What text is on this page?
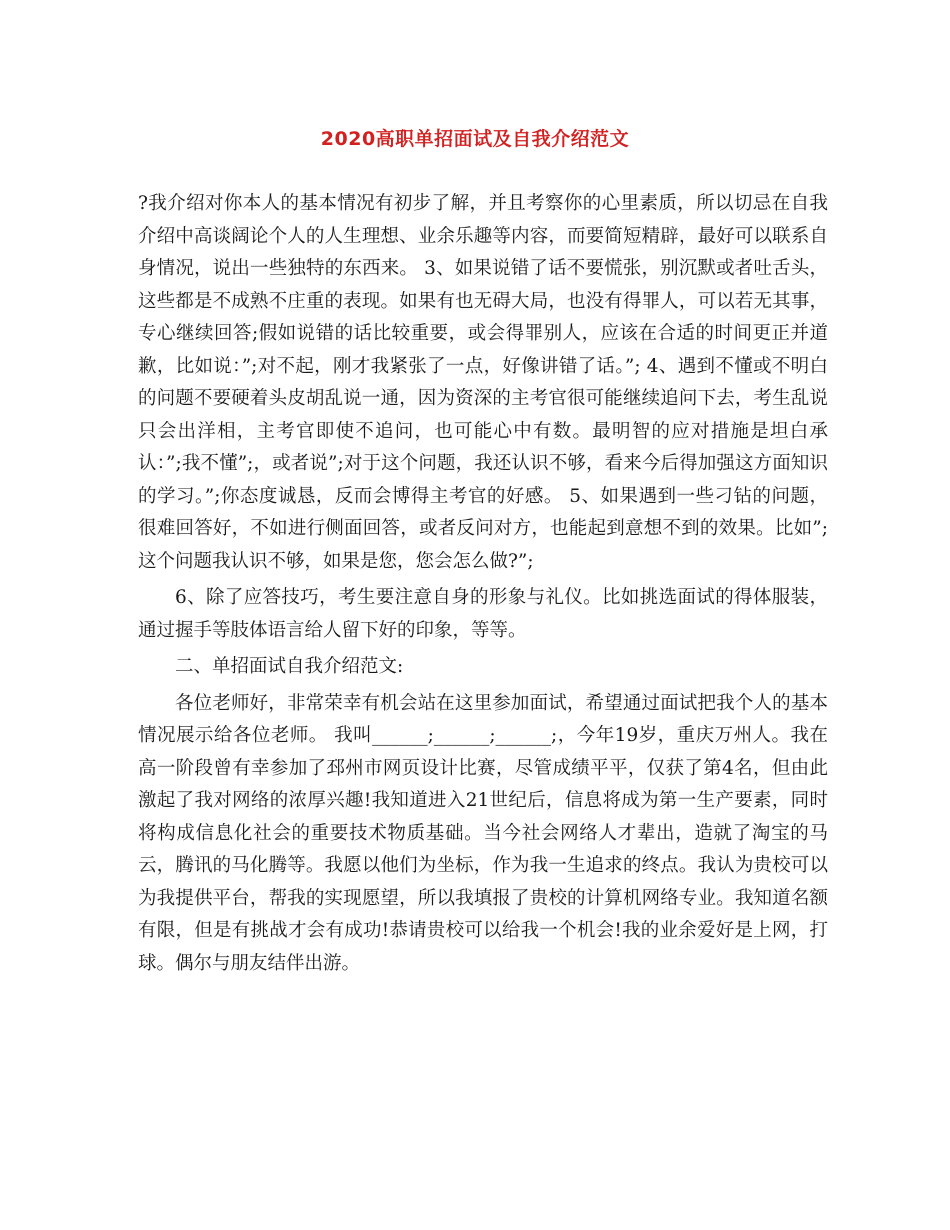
2020高职单招面试及自我介绍范文

?我介绍对你本人的基本情况有初步了解，并且考察你的心里素质，所以切忌在自我介绍中高谈阔论个人的人生理想、业余乐趣等内容，而要简短精辟，最好可以联系自身情况，说出一些独特的东西来。 3、如果说错了话不要慌张，别沉默或者吐舌头，这些都是不成熟不庄重的表现。如果有也无碍大局，也没有得罪人，可以若无其事，专心继续回答;假如说错的话比较重要，或会得罪别人，应该在合适的时间更正并道歉，比如说：”;对不起，刚才我紧张了一点，好像讲错了话。”; 4、遇到不懂或不明白的问题不要硬着头皮胡乱说一通，因为资深的主考官很可能继续追问下去，考生乱说只会出洋相，主考官即使不追问，也可能心中有数。最明智的应对措施是坦白承认：”;我不懂”;，或者说”;对于这个问题，我还认识不够，看来今后得加强这方面知识的学习。”;你态度诚恳，反而会博得主考官的好感。 5、如果遇到一些刁钻的问题，很难回答好，不如进行侧面回答，或者反问对方，也能起到意想不到的效果。比如”;这个问题我认识不够，如果是您，您会怎么做?”;

6、除了应答技巧，考生要注意自身的形象与礼仪。比如挑选面试的得体服装，通过握手等肢体语言给人留下好的印象，等等。

二、单招面试自我介绍范文:

各位老师好，非常荣幸有机会站在这里参加面试，希望通过面试把我个人的基本情况展示给各位老师。 我叫______;______;______;，今年19岁，重庆万州人。我在高一阶段曾有幸参加了邳州市网页设计比赛，尽管成绩平平，仅获了第4名，但由此激起了我对网络的浓厚兴趣!我知道进入21世纪后，信息将成为第一生产要素，同时将构成信息化社会的重要技术物质基础。当今社会网络人才辈出，造就了淘宝的马云，腾讯的马化腾等。我愿以他们为坐标，作为我一生追求的终点。我认为贵校可以为我提供平台，帮我的实现愿望，所以我填报了贵校的计算机网络专业。我知道名额有限，但是有挑战才会有成功!恭请贵校可以给我一个机会!我的业余爱好是上网，打球。偶尔与朋友结伴出游。
